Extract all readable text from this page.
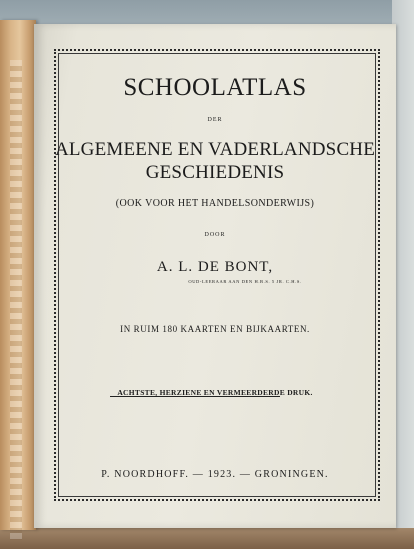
SCHOOLATLAS
DER
ALGEMEENE EN VADERLANDSCHE
GESCHIEDENIS
(OOK VOOR HET HANDELSONDERWIJS)
DOOR
A. L. DE BONT,
OUD-LEERAAR AAN DEN H.B.S. 5 JR. C.H.S.
IN RUIM 180 KAARTEN EN BIJKAARTEN.
ACHTSTE, HERZIENE EN VERMEERDERDE DRUK.
P. NOORDHOFF. — 1923. — GRONINGEN.
